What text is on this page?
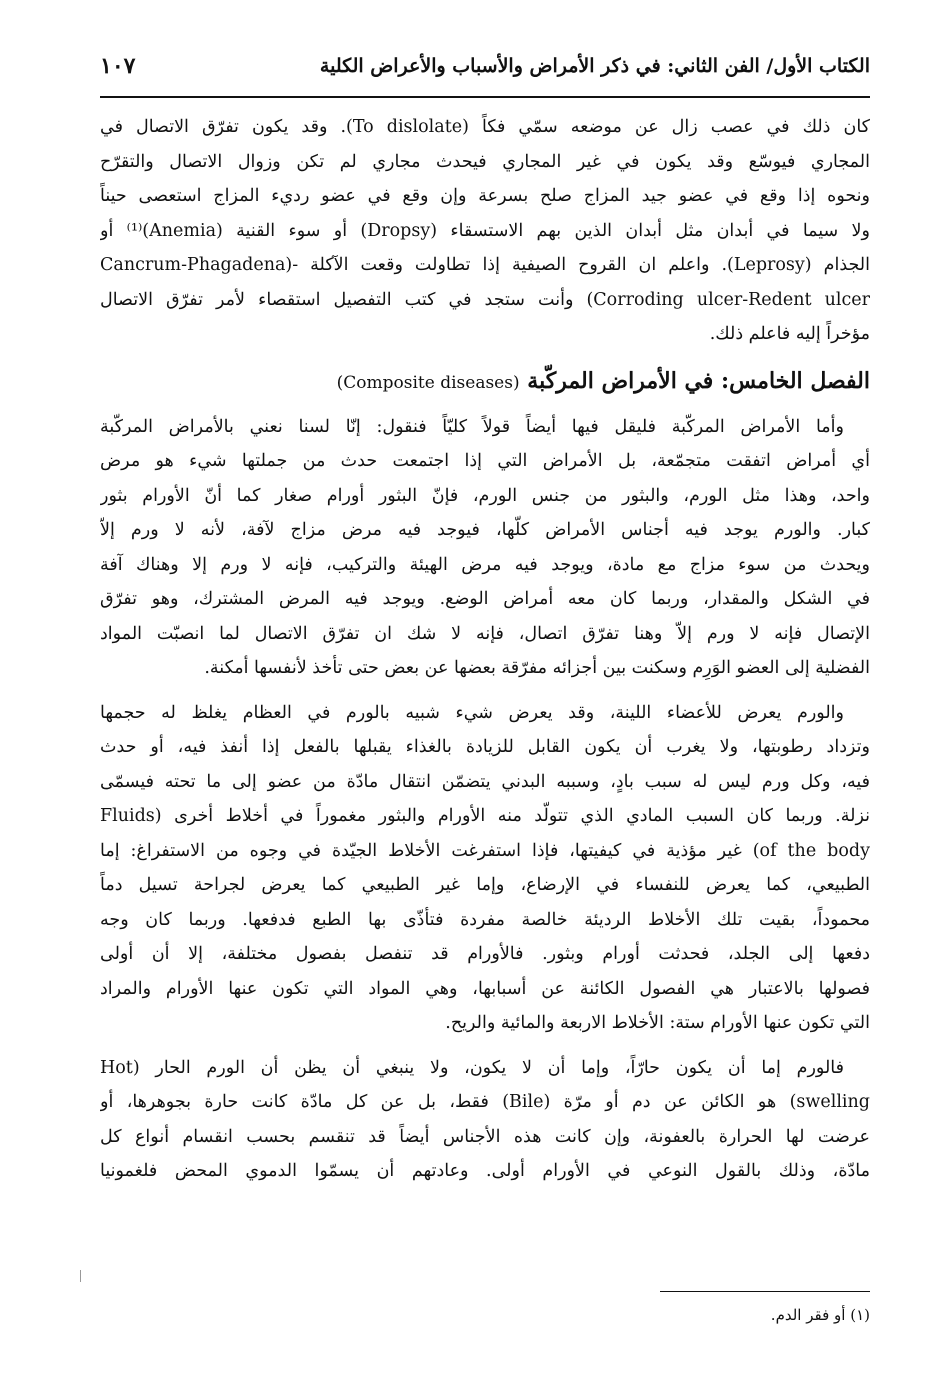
الكتاب الأول/ الفن الثاني: في ذكر الأمراض والأسباب والأعراض الكلية
١٠٧
كان ذلك في عصب زال عن موضعه سمّي فكاً (To dislolate). وقد يكون تفرّق الاتصال في
المجاري فيوسّع وقد يكون في غير المجاري فيحدث مجاري لم تكن وزوال الاتصال والتقرّح
ونحوه إذا وقع في عضو جيد المزاج صلح بسرعة وإن وقع في عضو رديء المزاج استعصى حيناً
ولا سيما في أبدان مثل أبدان الذين بهم الاستسقاء (Dropsy) أو سوء القنية (Anemia)⁽¹⁾ أو
الجذام (Leprosy). واعلم ان القروح الصيفية إذا تطاولت وقعت الآكلة -(Cancrum-Phagadena
Corroding ulcer-Redent ulcer) وأنت ستجد في كتب التفصيل استقصاء لأمر تفرّق الاتصال
مؤخراً إليه فاعلم ذلك.
الفصل الخامس: في الأمراض المركّبة (Composite diseases)
وأما الأمراض المركّبة فليقل فيها أيضاً قولاً كليّاً فنقول: إنّا لسنا نعني بالأمراض المركّبة
أي أمراض اتفقت متجمّعة، بل الأمراض التي إذا اجتمعت حدث من جملتها شيء هو مرض
واحد، وهذا مثل الورم، والبثور من جنس الورم، فإنّ البثور أورام صغار كما أنّ الأورام بثور
كبار. والورم يوجد فيه أجناس الأمراض كلّها، فيوجد فيه مرض مزاج لآفة، لأنه لا ورم إلاّ
ويحدث من سوء مزاج مع مادة، ويوجد فيه مرض الهيئة والتركيب، فإنه لا ورم إلا وهناك آفة
في الشكل والمقدار، وربما كان معه أمراض الوضع. ويوجد فيه المرض المشترك، وهو تفرّق
الإتصال فإنه لا ورم إلاّ وهنا تفرّق اتصال، فإنه لا شك ان تفرّق الاتصال لما انصبّت المواد
الفضلية إلى العضو الوَرِم وسكنت بين أجزائه مفرّقة بعضها عن بعض حتى تأخذ لأنفسها أمكنة.
والورم يعرض للأعضاء اللينة، وقد يعرض شيء شبيه بالورم في العظام يغلظ له حجمها
وتزداد رطوبتها، ولا يغرب أن يكون القابل للزيادة بالغذاء يقبلها بالفعل إذا أنفذ فيه، أو حدث
فيه، وكل ورم ليس له سبب بادٍ، وسببه البدني يتضمّن انتقال مادّة من عضو إلى ما تحته فيسمّى
نزلة. وربما كان السبب المادي الذي تتولّد منه الأورام والبثور مغموراً في أخلاط أخرى (Fluids
of the body) غير مؤذية في كيفيتها، فإذا استفرغت الأخلاط الجيّدة في وجوه من الاستفراغ: إما
الطبيعي، كما يعرض للنفساء في الإرضاع، وإما غير الطبيعي كما يعرض لجراحة تسيل دماً
محموداً، بقيت تلك الأخلاط الرديئة خالصة مفردة فتأذّى بها الطبع فدفعها. وربما كان وجه
دفعها إلى الجلد، فحدثت أورام وبثور. فالأورام قد تنفصل بفصول مختلفة، إلا أن أولى
فصولها بالاعتبار هي الفصول الكائنة عن أسبابها، وهي المواد التي تكون عنها الأورام والمراد
التي تكون عنها الأورام ستة: الأخلاط الاربعة والمائية والريح.
فالورم إما أن يكون حارّاً، وإما أن لا يكون، ولا ينبغي أن يظن أن الورم الحار (Hot
swelling) هو الكائن عن دم أو مرّة (Bile) فقط، بل عن كل مادّة كانت حارة بجوهرها، أو
عرضت لها الحرارة بالعفونة، وإن كانت هذه الأجناس أيضاً قد تنقسم بحسب انقسام أنواع كل
مادّة، وذلك بالقول النوعي في الأورام أولى. وعادتهم أن يسمّوا الدموي المحض فلغمونيا
(١) أو فقر الدم.
